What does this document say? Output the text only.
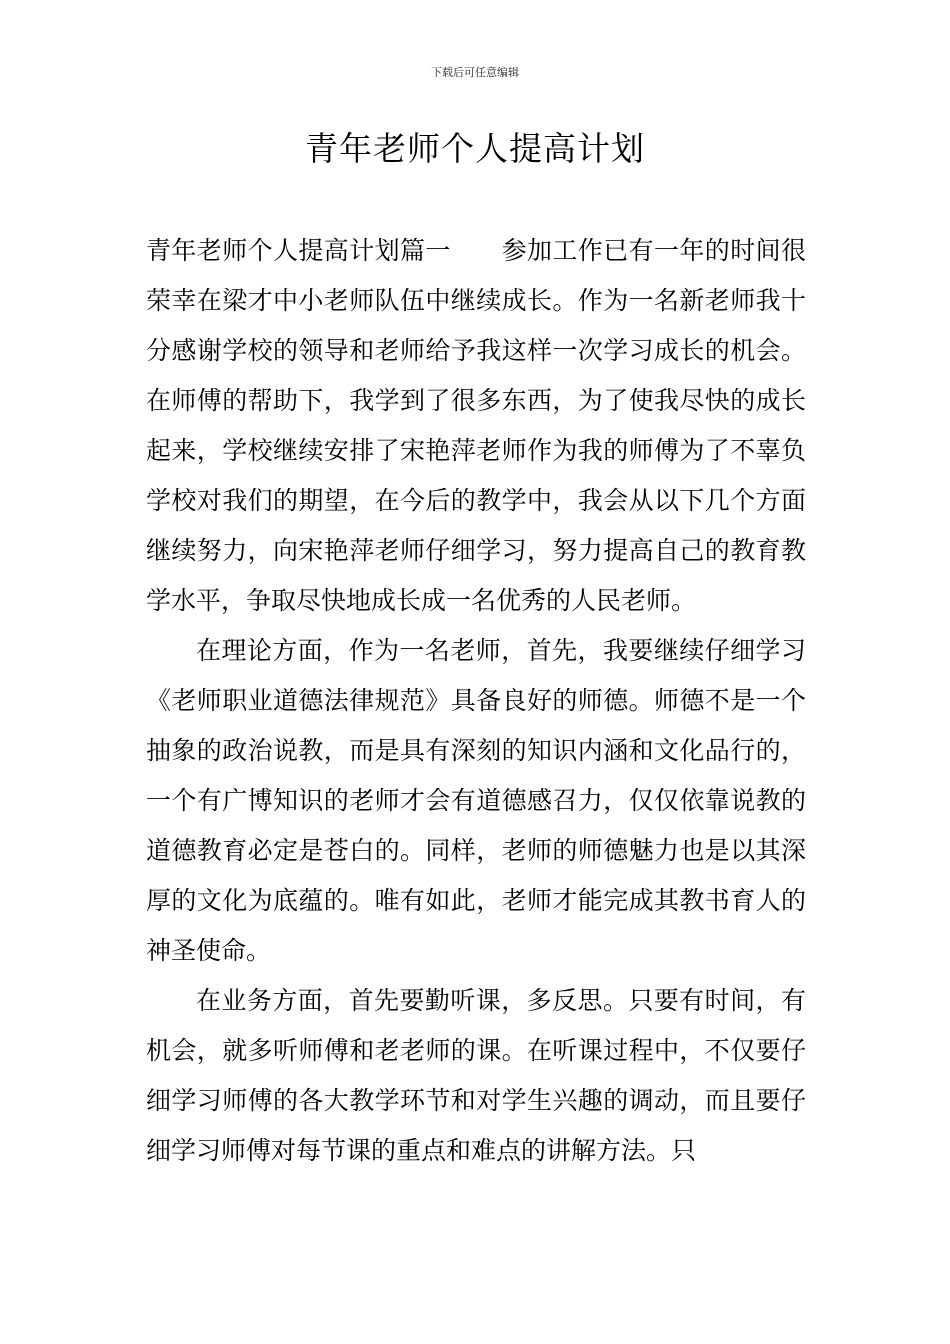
下载后可任意编辑
青年老师个人提高计划

青年老师个人提高计划篇一　　参加工作已有一年的时间很荣幸在梁才中小老师队伍中继续成长。作为一名新老师我十分感谢学校的领导和老师给予我这样一次学习成长的机会。在师傅的帮助下，我学到了很多东西，为了使我尽快的成长起来，学校继续安排了宋艳萍老师作为我的师傅为了不辜负学校对我们的期望，在今后的教学中，我会从以下几个方面继续努力，向宋艳萍老师仔细学习，努力提高自己的教育教学水平，争取尽快地成长成一名优秀的人民老师。

在理论方面，作为一名老师，首先，我要继续仔细学习《老师职业道德法律规范》具备良好的师德。师德不是一个抽象的政治说教，而是具有深刻的知识内涵和文化品行的，一个有广博知识的老师才会有道德感召力，仅仅依靠说教的道德教育必定是苍白的。同样，老师的师德魅力也是以其深厚的文化为底蕴的。唯有如此，老师才能完成其教书育人的神圣使命。

在业务方面，首先要勤听课，多反思。只要有时间，有机会，就多听师傅和老老师的课。在听课过程中，不仅要仔细学习师傅的各大教学环节和对学生兴趣的调动，而且要仔细学习师傅对每节课的重点和难点的讲解方法。只
